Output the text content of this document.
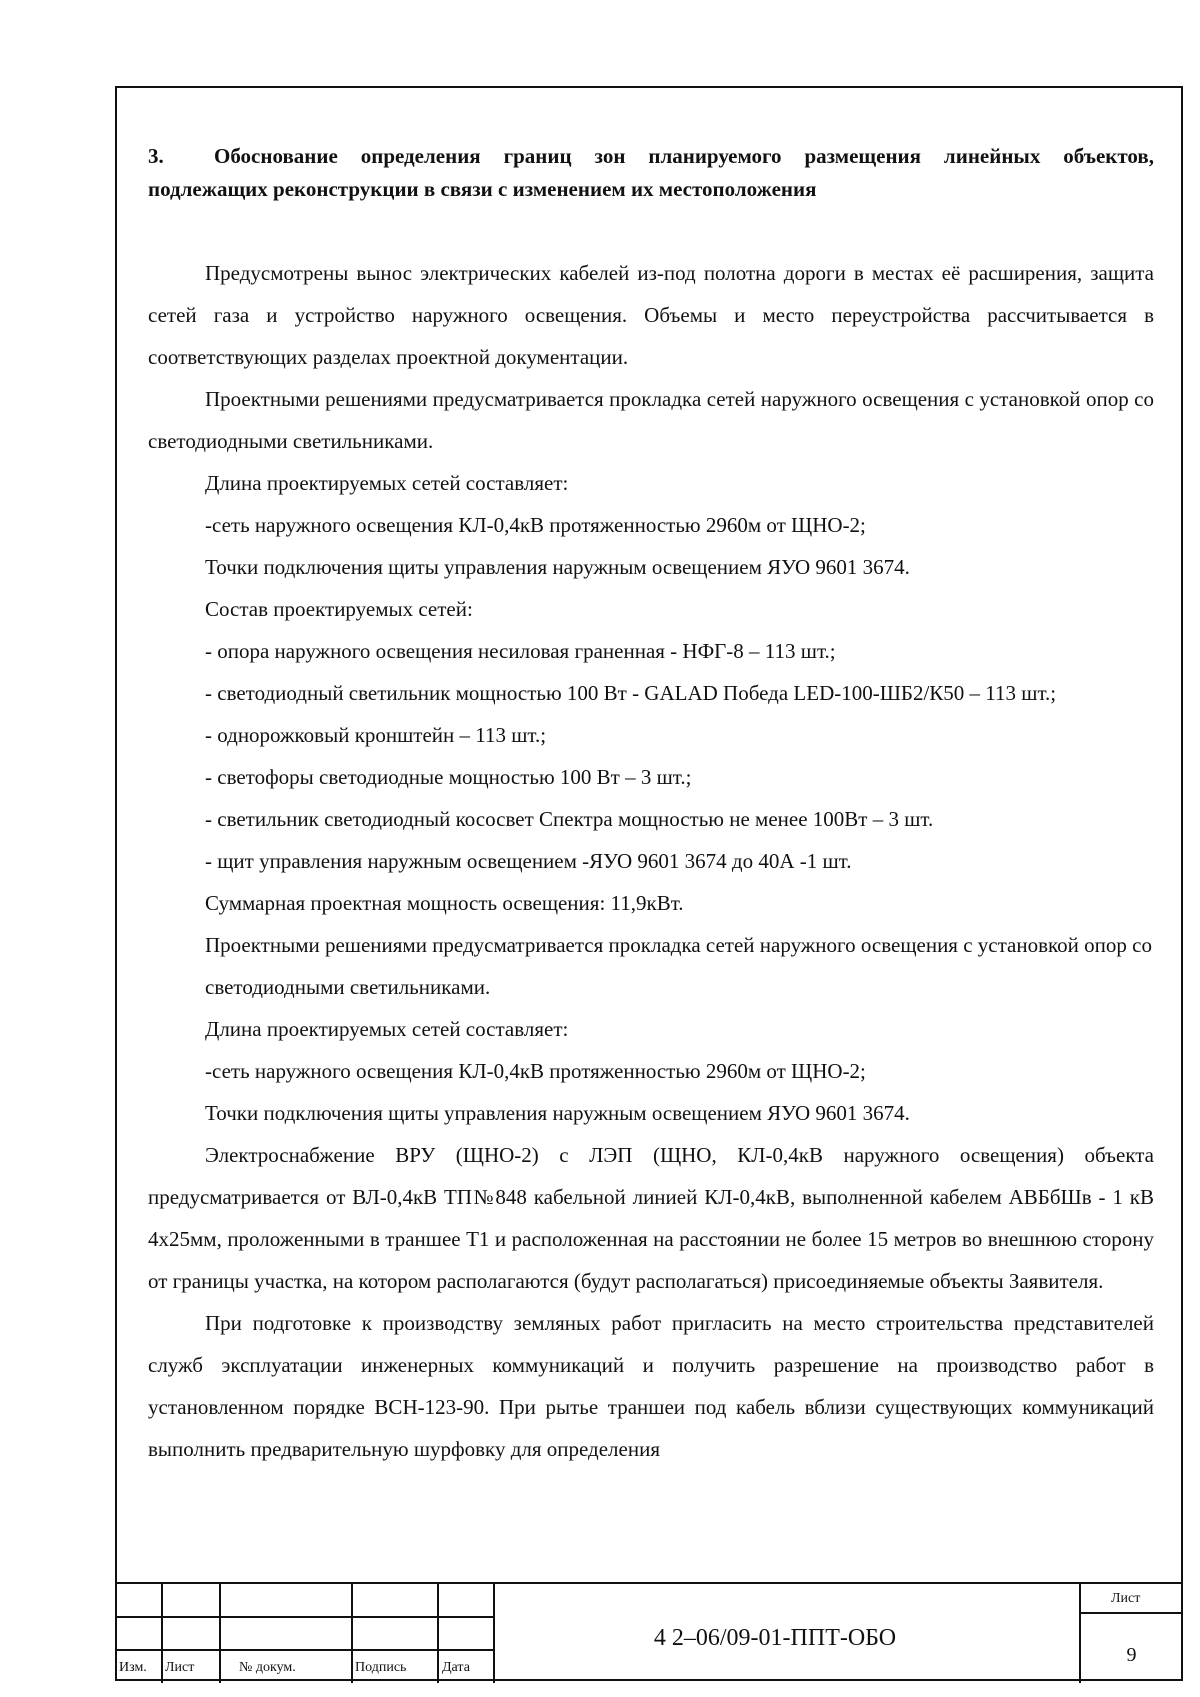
3. Обоснование определения границ зон планируемого размещения линейных объектов, подлежащих реконструкции в связи с изменением их местоположения

Предусмотрены вынос электрических кабелей из-под полотна дороги в местах её расширения, защита сетей газа и устройство наружного освещения. Объемы и место переустройства рассчитывается в соответствующих разделах проектной документации.

Проектными решениями предусматривается прокладка сетей наружного освещения с установкой опор со светодиодными светильниками.

Длина проектируемых сетей составляет:

-сеть наружного освещения КЛ-0,4кВ протяженностью 2960м от ЩНО-2;

Точки подключения щиты управления наружным освещением ЯУО 9601 3674.

Состав проектируемых сетей:

- опора наружного освещения несиловая граненная - НФГ-8 – 113 шт.;

- светодиодный светильник мощностью 100 Вт - GALAD Победа LED-100-ШБ2/К50 – 113 шт.;

- однорожковый кронштейн – 113 шт.;

- светофоры светодиодные мощностью 100 Вт – 3 шт.;

- светильник светодиодный кососвет Спектра мощностью не менее 100Вт – 3 шт.

- щит управления наружным освещением -ЯУО 9601 3674 до 40А -1 шт.

Суммарная проектная мощность освещения: 11,9кВт.

Проектными решениями предусматривается прокладка сетей наружного освещения с установкой опор со светодиодными светильниками.

Длина проектируемых сетей составляет:

-сеть наружного освещения КЛ-0,4кВ протяженностью 2960м от ЩНО-2;

Точки подключения щиты управления наружным освещением ЯУО 9601 3674.

Электроснабжение ВРУ (ЩНО-2) с ЛЭП (ЩНО, КЛ-0,4кВ наружного освещения) объекта предусматривается от ВЛ-0,4кВ ТП№848 кабельной линией КЛ-0,4кВ, выполненной кабелем АВБбШв - 1 кВ 4х25мм, проложенными в траншее Т1 и расположенная на расстоянии не более 15 метров во внешнюю сторону от границы участка, на котором располагаются (будут располагаться) присоединяемые объекты Заявителя.

При подготовке к производству земляных работ пригласить на место строительства представителей служб эксплуатации инженерных коммуникаций и получить разрешение на производство работ в установленном порядке ВСН-123-90. При рытье траншеи под кабель вблизи существующих коммуникаций выполнить предварительную шурфовку для определения

Изм. Лист	№ докум.	Подпись	Дата
4 2–06/09-01-ППТ-ОБО
Лист
9
